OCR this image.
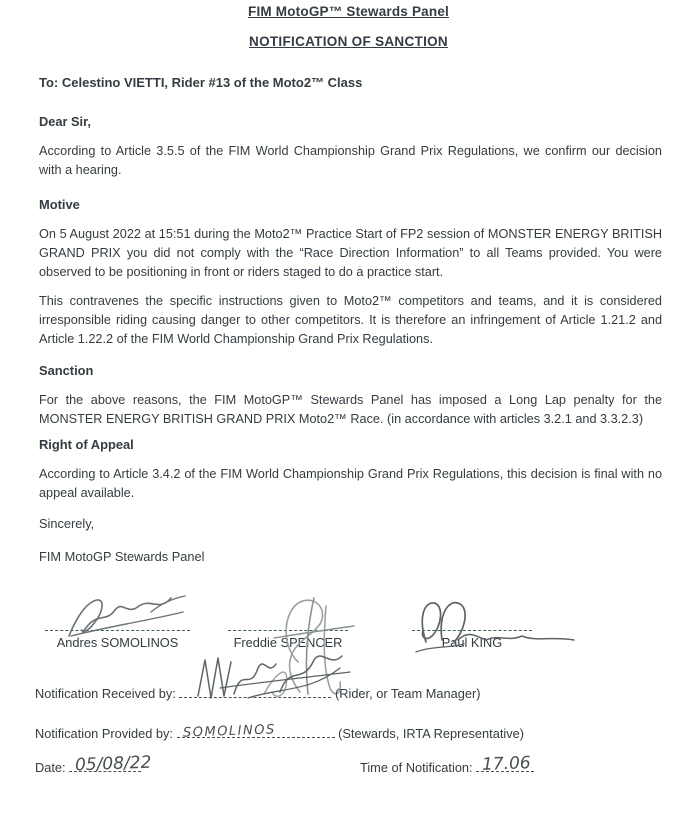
FIM MotoGP™ Stewards Panel
NOTIFICATION OF SANCTION
To: Celestino VIETTI, Rider #13 of the Moto2™ Class
Dear Sir,

According to Article 3.5.5 of the FIM World Championship Grand Prix Regulations, we confirm our decision with a hearing.

Motive

On 5 August 2022 at 15:51 during the Moto2™ Practice Start of FP2 session of MONSTER ENERGY BRITISH GRAND PRIX you did not comply with the “Race Direction Information” to all Teams provided. You were observed to be positioning in front or riders staged to do a practice start.

This contravenes the specific instructions given to Moto2™ competitors and teams, and it is considered irresponsible riding causing danger to other competitors. It is therefore an infringement of Article 1.21.2 and Article 1.22.2 of the FIM World Championship Grand Prix Regulations.

Sanction

For the above reasons, the FIM MotoGP™ Stewards Panel has imposed a Long Lap penalty for the MONSTER ENERGY BRITISH GRAND PRIX Moto2™ Race. (in accordance with articles 3.2.1 and 3.3.2.3)

Right of Appeal

According to Article 3.4.2 of the FIM World Championship Grand Prix Regulations, this decision is final with no appeal available.

Sincerely,
FIM MotoGP Stewards Panel
Andres SOMOLINOS	Freddie SPENCER	Paul KING
Notification Received by:	(Rider, or Team Manager)
Notification Provided by: SOMOLINOS	(Stewards, IRTA Representative)
Date: 05/08/22	Time of Notification: 17.06
